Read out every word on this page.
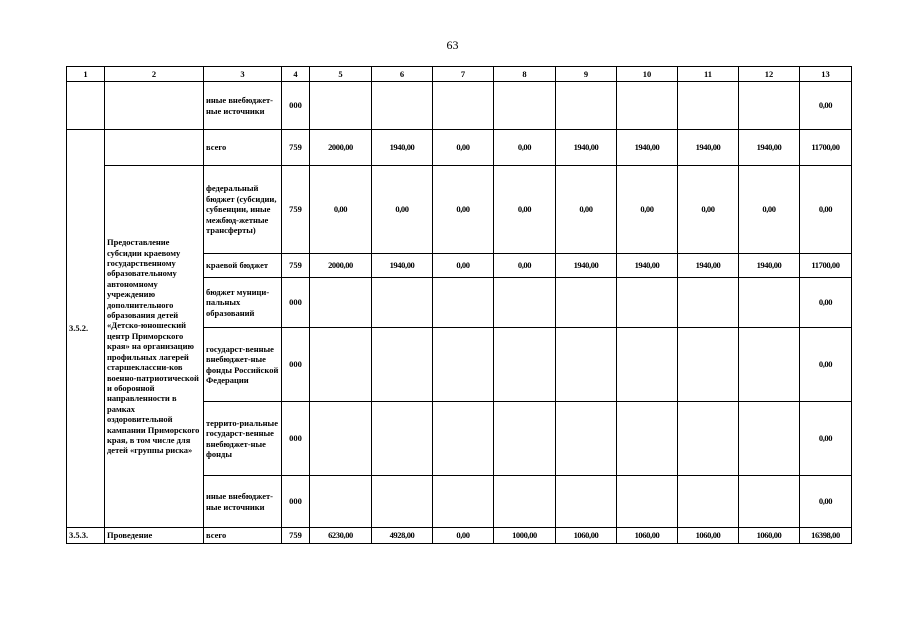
63
1	2	3	4	5	6	7	8	9	10	11	12	13
		иные внебюджет-ные источники	000									0,00
3.5.2.		всего	759	2000,00	1940,00	0,00	0,00	1940,00	1940,00	1940,00	1940,00	11700,00
	Предоставление субсидии краевому государственному образовательному автономному учреждению дополнительного образования детей «Детско-юношеский центр Приморского края» на организацию профильных лагерей старшеклассни-ков военно-патриотической и оборонной направленности в рамках оздоровительной кампании Приморского края, в том числе для детей «группы риска»	федеральный бюджет (субсидии, субвенции, иные межбюд-жетные трансферты)	759	0,00	0,00	0,00	0,00	0,00	0,00	0,00	0,00	0,00
		краевой бюджет	759	2000,00	1940,00	0,00	0,00	1940,00	1940,00	1940,00	1940,00	11700,00
		бюджет муници-пальных образований	000									0,00
		государст-венные внебюджет-ные фонды Российской Федерации	000									0,00
		террито-риальные государст-венные внебюджет-ные фонды	000									0,00
		иные внебюджет-ные источники	000									0,00
3.5.3.	Проведение	всего	759	6230,00	4928,00	0,00	1000,00	1060,00	1060,00	1060,00	1060,00	16398,00
